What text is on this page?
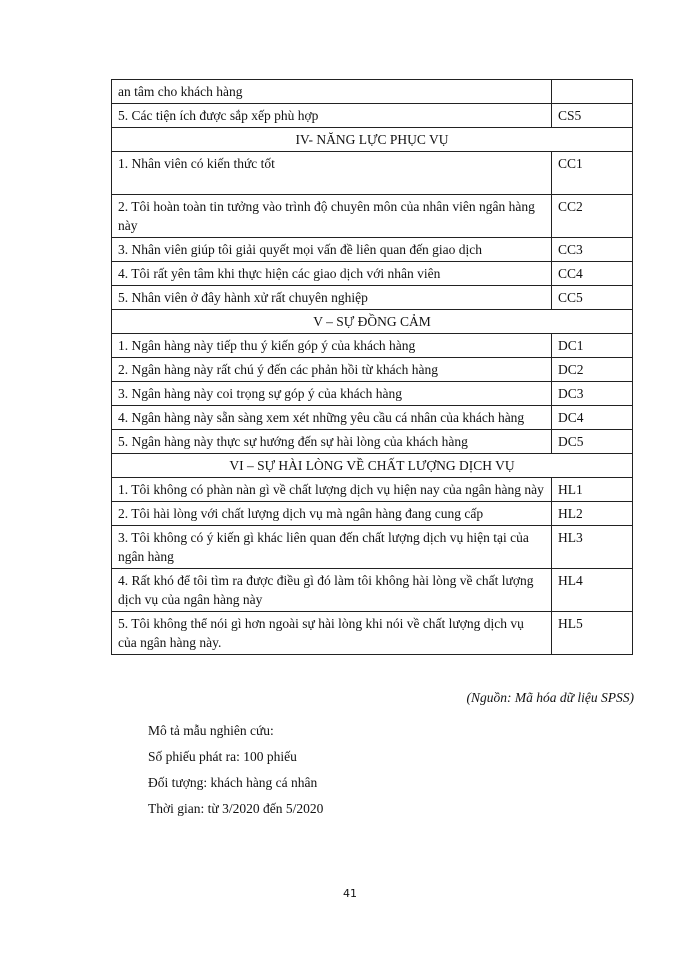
an tâm cho khách hàng	
5. Các tiện ích được sắp xếp phù hợp	CS5
IV- NĂNG LỰC PHỤC VỤ	
1. Nhân viên có kiến thức tốt	CC1
2. Tôi hoàn toàn tin tưởng vào trình độ chuyên môn của nhân viên ngân hàng này	CC2
3. Nhân viên giúp tôi giải quyết mọi vấn đề liên quan đến giao dịch	CC3
4. Tôi rất yên tâm khi thực hiện các giao dịch với nhân viên	CC4
5. Nhân viên ở đây hành xử rất chuyên nghiệp	CC5
V – SỰ ĐỒNG CẢM	
1. Ngân hàng này tiếp thu ý kiến góp ý của khách hàng	DC1
2. Ngân hàng này rất chú ý đến các phản hồi từ khách hàng	DC2
3. Ngân hàng này coi trọng sự góp ý của khách hàng	DC3
4. Ngân hàng này sẵn sàng xem xét những yêu cầu cá nhân của khách hàng	DC4
5. Ngân hàng này thực sự hướng đến sự hài lòng của khách hàng	DC5
VI – SỰ HÀI LÒNG VỀ CHẤT LƯỢNG DỊCH VỤ	
1. Tôi không có phàn nàn gì về chất lượng dịch vụ hiện nay của ngân hàng này	HL1
2. Tôi hài lòng với chất lượng dịch vụ mà ngân hàng đang cung cấp	HL2
3. Tôi không có ý kiến gì khác liên quan đến chất lượng dịch vụ hiện tại của ngân hàng	HL3
4. Rất khó để tôi tìm ra được điều gì đó làm tôi không hài lòng về chất lượng dịch vụ của ngân hàng này	HL4
5. Tôi không thể nói gì hơn ngoài sự hài lòng khi nói về chất lượng dịch vụ của ngân hàng này.	HL5
(Nguồn: Mã hóa dữ liệu SPSS)
Mô tả mẫu nghiên cứu:
Số phiếu phát ra: 100 phiếu
Đối tượng: khách hàng cá nhân
Thời gian: từ 3/2020 đến 5/2020
41
